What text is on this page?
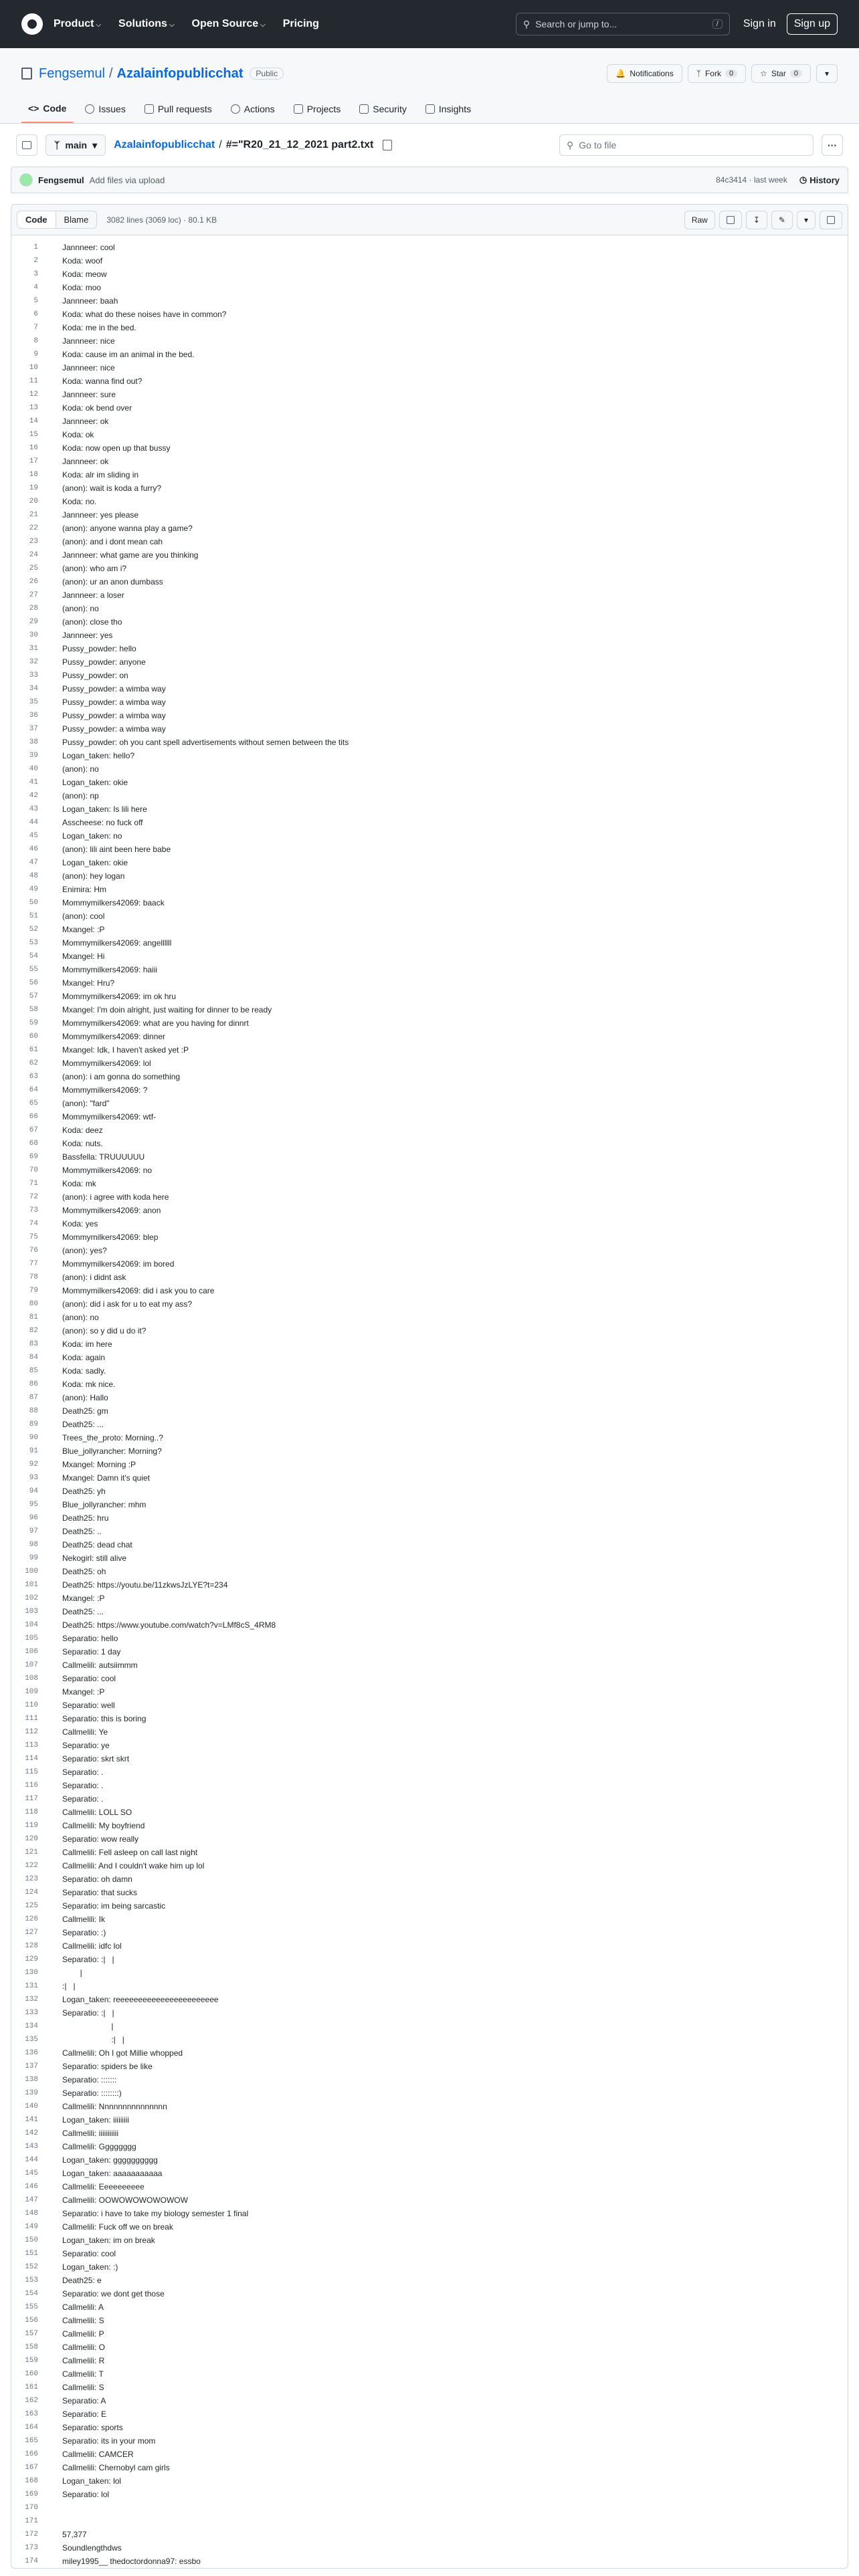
Product ⌵ Solutions ⌵ Open Source ⌵ Pricing	⚲ Search or jump to...	/	Sign in	Sign up
Fengsemul / Azalainfopublicchat	Public	🔔 Notifications	ᛉ Fork	0	☆ Star	0	▾
<> Code	Issues	Pull requests	Actions	Projects	Security	Insights
ᛉ main ▾ Azalainfopublicchat / #="R20_21_12_2021 part2.txt	⚲ Go to file	···
Fengsemul Add files via upload	84c3414 · last week ◷ History
Code	Blame	3082 lines (3069 loc) · 80.1 KB	Raw	↧ ✎ ▾
1	Jannneer: cool
2	Koda: woof
3	Koda: meow
4	Koda: moo
5	Jannneer: baah
6	Koda: what do these noises have in common?
7	Koda: me in the bed.
8	Jannneer: nice
9	Koda: cause im an animal in the bed.
10	Jannneer: nice
11	Koda: wanna find out?
12	Jannneer: sure
13	Koda: ok bend over
14	Jannneer: ok
15	Koda: ok
16	Koda: now open up that bussy
17	Jannneer: ok
18	Koda: alr im sliding in
19	(anon): wait is koda a furry?
20	Koda: no.
21	Jannneer: yes please
22	(anon): anyone wanna play a game?
23	(anon): and i dont mean cah
24	Jannneer: what game are you thinking
25	(anon): who am i?
26	(anon): ur an anon dumbass
27	Jannneer: a loser
28	(anon): no
29	(anon): close tho
30	Jannneer: yes
31	Pussy_powder: hello
32	Pussy_powder: anyone
33	Pussy_powder: on
34	Pussy_powder: a wimba way
35	Pussy_powder: a wimba way
36	Pussy_powder: a wimba way
37	Pussy_powder: a wimba way
38	Pussy_powder: oh you cant spell advertisements without semen between the tits
39	Logan_taken: hello?
40	(anon): no
41	Logan_taken: okie
42	(anon): np
43	Logan_taken: Is lili here
44	Asscheese: no fuck off
45	Logan_taken: no
46	(anon): lili aint been here babe
47	Logan_taken: okie
48	(anon): hey logan
49	Enimira: Hm
50	Mommymilkers42069: baack
51	(anon): cool
52	Mxangel: :P
53	Mommymilkers42069: angellllll
54	Mxangel: Hi
55	Mommymilkers42069: haiii
56	Mxangel: Hru?
57	Mommymilkers42069: im ok hru
58	Mxangel: I'm doin alright, just waiting for dinner to be ready
59	Mommymilkers42069: what are you having for dinnrt
60	Mommymilkers42069: dinner
61	Mxangel: Idk, I haven't asked yet :P
62	Mommymilkers42069: lol
63	(anon): i am gonna do something
64	Mommymilkers42069: ?
65	(anon): "fard"
66	Mommymilkers42069: wtf-
67	Koda: deez
68	Koda: nuts.
69	Bassfella: TRUUUUUU
70	Mommymilkers42069: no
71	Koda: mk
72	(anon): i agree with koda here
73	Mommymilkers42069: anon
74	Koda: yes
75	Mommymilkers42069: blep
76	(anon): yes?
77	Mommymilkers42069: im bored
78	(anon): i didnt ask
79	Mommymilkers42069: did i ask you to care
80	(anon): did i ask for u to eat my ass?
81	(anon): no
82	(anon): so y did u do it?
83	Koda: im here
84	Koda: again
85	Koda: sadly.
86	Koda: mk nice.
87	(anon): Hallo
88	Death25: gm
89	Death25: ...
90	Trees_the_proto: Morning..?
91	Blue_jollyrancher: Morning?
92	Mxangel: Morning :P
93	Mxangel: Damn it's quiet
94	Death25: yh
95	Blue_jollyrancher: mhm
96	Death25: hru
97	Death25: ..
98	Death25: dead chat
99	Nekogirl: still alive
100	Death25: oh
101	Death25: https://youtu.be/11zkwsJzLYE?t=234
102	Mxangel: :P
103	Death25: ...
104	Death25: https://www.youtube.com/watch?v=LMf8cS_4RM8
105	Separatio: hello
106	Separatio: 1 day
107	Callmelili: autsiimmm
108	Separatio: cool
109	Mxangel: :P
110	Separatio: well
111	Separatio: this is boring
112	Callmelili: Ye
113	Separatio: ye
114	Separatio: skrt skrt
115	Separatio: .
116	Separatio: .
117	Separatio: .
118	Callmelili: LOLL SO
119	Callmelili: My boyfriend
120	Separatio: wow really
121	Callmelili: Fell asleep on call last night
122	Callmelili: And I couldn't wake him up lol
123	Separatio: oh damn
124	Separatio: that sucks
125	Separatio: im being sarcastic
126	Callmelili: Ik
127	Separatio: :)
128	Callmelili: idfc lol
129	Separatio: :|   |
130	|
131	:|   |
132	Logan_taken: reeeeeeeeeeeeeeeeeeeeeee
133	Separatio: :|   |
134	|
135	:|   |
136	Callmelili: Oh I got Millie whopped
137	Separatio: spiders be like
138	Separatio: :::::::
139	Separatio: ::::::::)
140	Callmelili: Nnnnnnnnnnnnnnn
141	Logan_taken: iiiiiiiii
142	Callmelili: iiiiiiiiiii
143	Callmelili: Gggggggg
144	Logan_taken: gggggggggg
145	Logan_taken: aaaaaaaaaaa
146	Callmelili: Eeeeeeeeee
147	Callmelili: OOWOWOWOWOWOW
148	Separatio: i have to take my biology semester 1 final
149	Callmelili: Fuck off we on break
150	Logan_taken: im on break
151	Separatio: cool
152	Logan_taken: :)
153	Death25: e
154	Separatio: we dont get those
155	Callmelili: A
156	Callmelili: S
157	Callmelili: P
158	Callmelili: O
159	Callmelili: R
160	Callmelili: T
161	Callmelili: S
162	Separatio: A
163	Separatio: E
164	Separatio: sports
165	Separatio: its in your mom
166	Callmelili: CAMCER
167	Callmelili: Chernobyl cam girls
168	Logan_taken: lol
169	Separatio: lol
170
171
172	57,377
173	Soundlengthdws
174	miley1995__ thedoctordonna97: essbo
